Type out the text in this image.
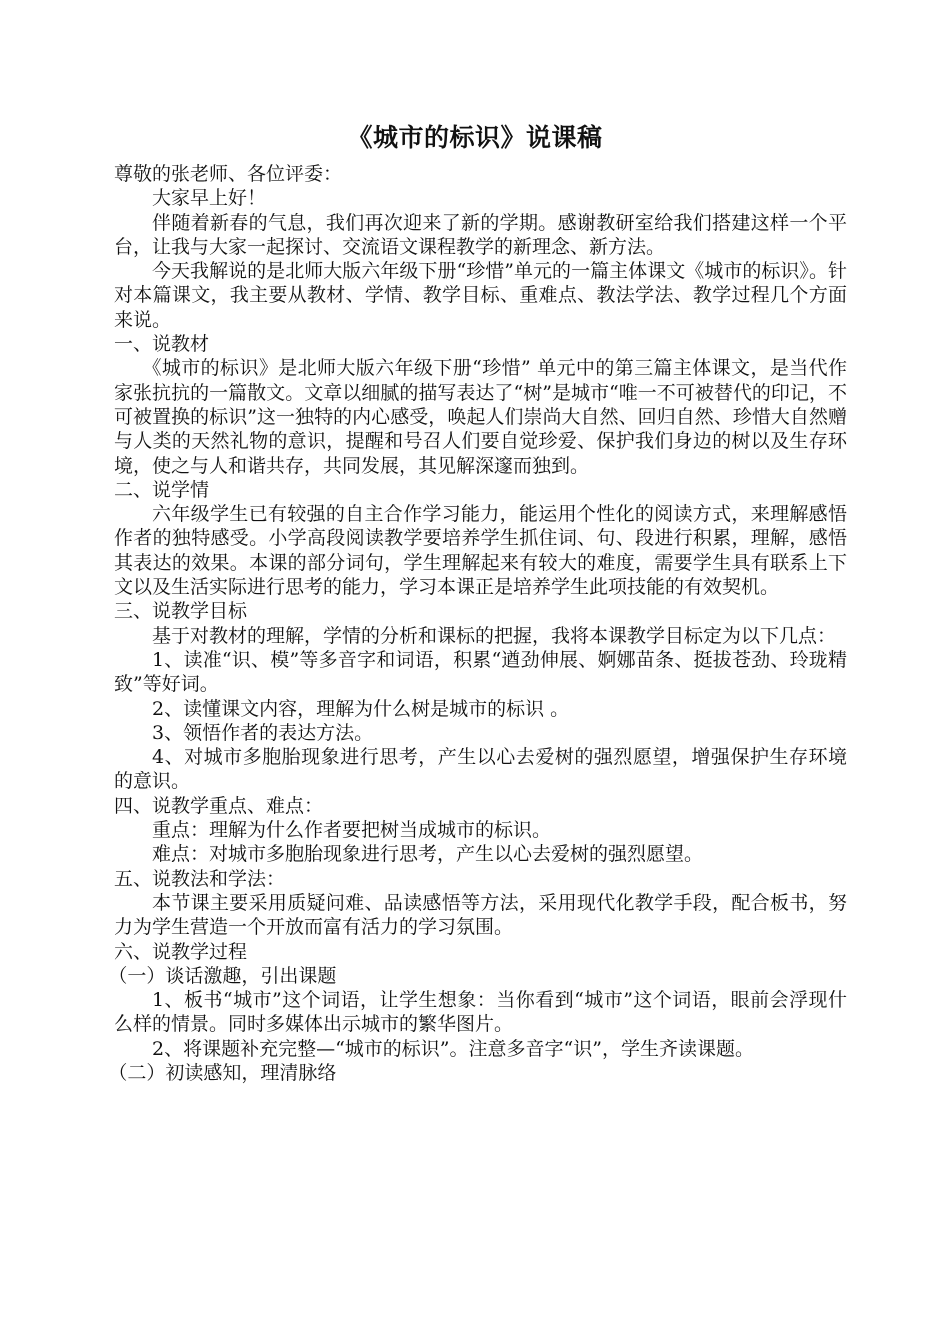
《城市的标识》说课稿

尊敬的张老师、各位评委：

大家早上好！

伴随着新春的气息，我们再次迎来了新的学期。感谢教研室给我们搭建这样一个平台，让我与大家一起探讨、交流语文课程教学的新理念、新方法。

今天我解说的是北师大版六年级下册“珍惜”单元的一篇主体课文《城市的标识》。针对本篇课文，我主要从教材、学情、教学目标、重难点、教法学法、教学过程几个方面来说。

一、说教材

《城市的标识》是北师大版六年级下册“珍惜” 单元中的第三篇主体课文，是当代作家张抗抗的一篇散文。文章以细腻的描写表达了“树”是城市“唯一不可被替代的印记，不可被置换的标识”这一独特的内心感受，唤起人们崇尚大自然、回归自然、珍惜大自然赠与人类的天然礼物的意识，提醒和号召人们要自觉珍爱、保护我们身边的树以及生存环境，使之与人和谐共存，共同发展，其见解深邃而独到。

二、说学情

六年级学生已有较强的自主合作学习能力，能运用个性化的阅读方式，来理解感悟作者的独特感受。小学高段阅读教学要培养学生抓住词、句、段进行积累，理解，感悟其表达的效果。本课的部分词句，学生理解起来有较大的难度，需要学生具有联系上下文以及生活实际进行思考的能力，学习本课正是培养学生此项技能的有效契机。

三、说教学目标

基于对教材的理解，学情的分析和课标的把握，我将本课教学目标定为以下几点：

1、读准“识、模”等多音字和词语，积累“遒劲伸展、婀娜苗条、挺拔苍劲、玲珑精致”等好词。

2、读懂课文内容，理解为什么树是城市的标识 。

3、领悟作者的表达方法。

4、对城市多胞胎现象进行思考，产生以心去爱树的强烈愿望，增强保护生存环境的意识。

四、说教学重点、难点：

重点：理解为什么作者要把树当成城市的标识。

难点：对城市多胞胎现象进行思考，产生以心去爱树的强烈愿望。

五、说教法和学法：

本节课主要采用质疑问难、品读感悟等方法，采用现代化教学手段，配合板书，努力为学生营造一个开放而富有活力的学习氛围。

六、说教学过程

（一）谈话激趣，引出课题

1、板书“城市”这个词语，让学生想象：当你看到“城市”这个词语，眼前会浮现什么样的情景。同时多媒体出示城市的繁华图片。

2、将课题补充完整—“城市的标识”。注意多音字“识”，学生齐读课题。

（二）初读感知，理清脉络
